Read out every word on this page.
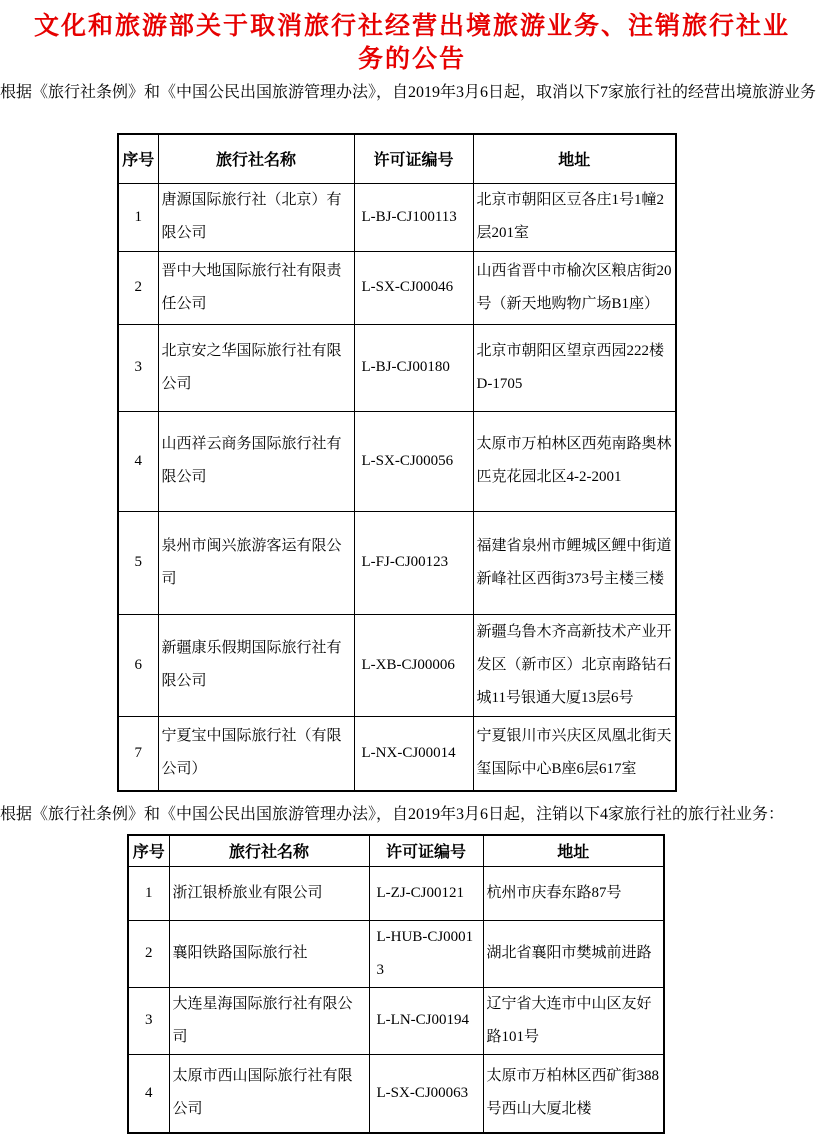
文化和旅游部关于取消旅行社经营出境旅游业务、注销旅行社业务的公告

根据《旅行社条例》和《中国公民出国旅游管理办法》，自2019年3月6日起，取消以下7家旅行社的经营出境旅游业务

序号	旅行社名称	许可证编号	地址
1	唐源国际旅行社（北京）有限公司	L-BJ-CJ100113	北京市朝阳区豆各庄1号1幢2层201室
2	晋中大地国际旅行社有限责任公司	L-SX-CJ00046	山西省晋中市榆次区粮店街20号（新天地购物广场B1座）
3	北京安之华国际旅行社有限公司	L-BJ-CJ00180	北京市朝阳区望京西园222楼D-1705
4	山西祥云商务国际旅行社有限公司	L-SX-CJ00056	太原市万柏林区西苑南路奥林匹克花园北区4-2-2001
5	泉州市闽兴旅游客运有限公司	L-FJ-CJ00123	福建省泉州市鲤城区鲤中街道新峰社区西街373号主楼三楼
6	新疆康乐假期国际旅行社有限公司	L-XB-CJ00006	新疆乌鲁木齐高新技术产业开发区（新市区）北京南路钻石城11号银通大厦13层6号
7	宁夏宝中国际旅行社（有限公司）	L-NX-CJ00014	宁夏银川市兴庆区凤凰北街天玺国际中心B座6层617室

根据《旅行社条例》和《中国公民出国旅游管理办法》，自2019年3月6日起，注销以下4家旅行社的旅行社业务：

序号	旅行社名称	许可证编号	地址
1	浙江银桥旅业有限公司	L-ZJ-CJ00121	杭州市庆春东路87号
2	襄阳铁路国际旅行社	L-HUB-CJ00013	湖北省襄阳市樊城前进路
3	大连星海国际旅行社有限公司	L-LN-CJ00194	辽宁省大连市中山区友好路101号
4	太原市西山国际旅行社有限公司	L-SX-CJ00063	太原市万柏林区西矿街388号西山大厦北楼
